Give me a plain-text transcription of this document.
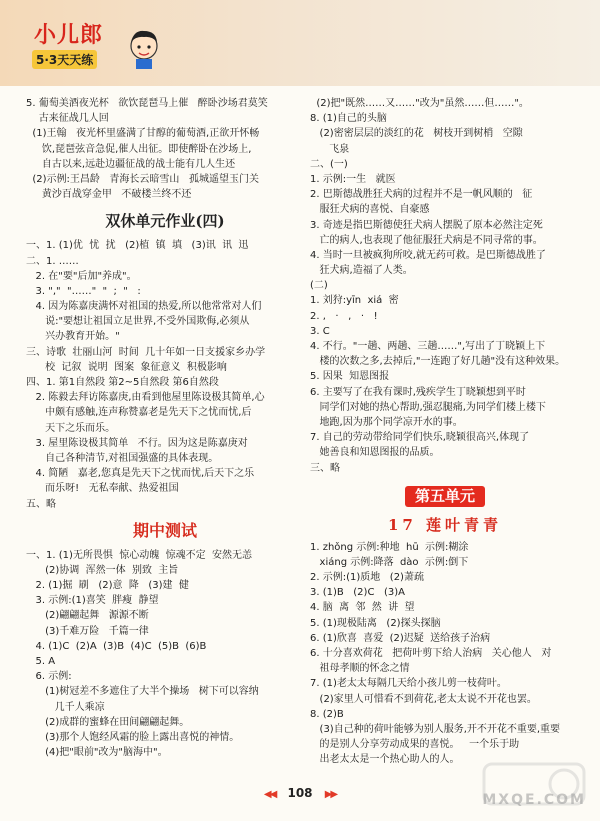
小儿郎
5·3天天练
5. 葡萄美酒夜光杯   欲饮琵琶马上催   醉卧沙场君莫笑
古来征战几人回
(1)王翰   夜光杯里盛满了甘醇的葡萄酒,正欲开怀畅
饮,琵琶弦音急促,催人出征。即使醉卧在沙场上,
自古以来,远赴边疆征战的战士能有几人生还
(2)示例:王昌龄   青海长云暗雪山   孤城遥望玉门关
黄沙百战穿金甲   不破楼兰终不还
双休单元作业(四)
一、1. (1)优  忧  扰   (2)植  镇  填   (3)讯  讯  迅
二、1. ……
2. 在"要"后加"养成"。
3. ","  "……"  "  ;  "   :
4. 因为陈嘉庚满怀对祖国的热爱,所以他常常对人们
说:"要想让祖国立足世界,不受外国欺侮,必须从
兴办教育开始。"
三、诗歌  壮丽山河  时间  几十年如一日支援家乡办学
校  记叙  说明  图案  象征意义  积极影响
四、1. 第1自然段 第2~5自然段 第6自然段
2. 陈毅去拜访陈嘉庚,由看到他屋里陈设极其简单,心
中颇有感触,连声称赞嘉老是先天下之忧而忧,后
天下之乐而乐。
3. 屋里陈设极其简单   不行。因为这是陈嘉庚对
自己各种清节,对祖国强盛的具体表现。
4. 简陋   嘉老,您真是先天下之忧而忧,后天下之乐
而乐呀!   无私奉献、热爱祖国
五、略
期中测试
一、1. (1)无所畏惧  惊心动魄  惊魂不定  安然无恙
(2)协调  浑然一体  别致  主旨
2. (1)掘  刷   (2)意  降   (3)建  健
3. 示例:(1)喜笑  胖瘦  静望
(2)翩翩起舞   源源不断
(3)千难万险   千篇一律
4. (1)C  (2)A  (3)B  (4)C  (5)B  (6)B
5. A
6. 示例:
(1)树冠差不多遮住了大半个操场   树下可以容纳
几千人乘凉
(2)成群的蜜蜂在田间翩翩起舞。
(3)那个人饱经风霜的脸上露出喜悦的神情。
(4)把"眼前"改为"脑海中"。
(2)把"既然……又……"改为"虽然……但……"。
8. (1)自己的头脑
(2)密密层层的淡红的花   树枝开到树梢   空隙
飞泉
二、(一)
1. 示例:一生   就医
2. 巴斯德战胜狂犬病的过程并不是一帆风顺的   征
服狂犬病的喜悦、自豪感
3. 奇迹是指巴斯德使狂犬病人摆脱了原本必然注定死
亡的病人,也表现了他征服狂犬病是不同寻常的事。
4. 当时一旦被疯狗所咬,就无药可救。是巴斯德战胜了
狂犬病,造福了人类。
(二)
1. 刘狩:yīn  xiá  密
2. ,   ·   ,   ·   !
3. C
4. 不行。"一趟、两趟、三趟……",写出了丁晓颖上下
楼的次数之多,去掉后,"一连跑了好几趟"没有这种效果。
5. 因果  知恩图报
6. 主要写了在我有课时,残疾学生丁晓颖想到平时
同学们对她的热心帮助,强忍腿痛,为同学们楼上楼下
地跑,因为那个同学凉开水的事。
7. 自己的劳动带给同学们快乐,晓颖很高兴,体现了
她善良和知恩图报的品质。
三、略
第五单元
17 莲叶青青
1. zhǒng 示例:种地  hū  示例:糊涂
xiáng 示例:降落  dào  示例:倒下
2. 示例:(1)质地   (2)萧疏
3. (1)B   (2)C   (3)A
4. 脑  离  邻  然  讲  望
5. (1)现极陆离   (2)探头探脑
6. (1)欣喜  喜爱  (2)迟疑  送给孩子治病
6. 十分喜欢荷花   把荷叶剪下给人治病   关心他人   对
祖母孝顺的怀念之情
7. (1)老太太每隔几天给小孩儿剪一枝荷叶。
(2)家里人可惜看不到荷花,老太太说不开花也罢。
8. (2)B
(3)自己种的荷叶能够为别人服务,开不开花不重要,重要
的是别人分享劳动成果的喜悦。   一个乐于助
出老太太是一个热心助人的人。
MXQE.COM
◀◀ 108 ▶▶
